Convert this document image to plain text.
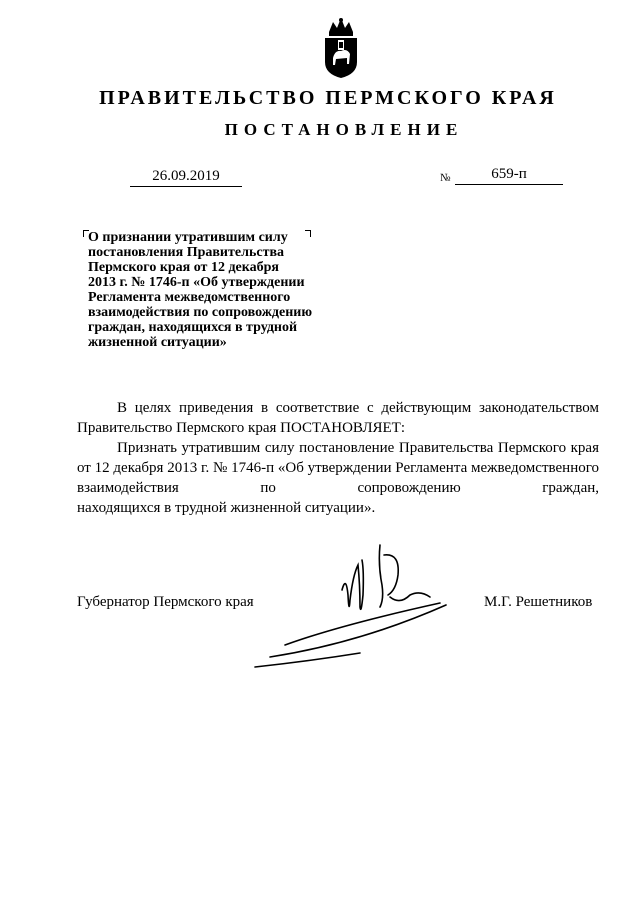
ПРАВИТЕЛЬСТВО ПЕРМСКОГО КРАЯ
ПОСТАНОВЛЕНИЕ
26.09.2019	№	659-п
О признании утратившим силу
постановления Правительства
Пермского края от 12 декабря
2013 г. № 1746-п «Об утверждении
Регламента межведомственного
взаимодействия по сопровождению
граждан, находящихся в трудной
жизненной ситуации»

В целях приведения в соответствие с действующим законодательством

Правительство Пермского края ПОСТАНОВЛЯЕТ:

Признать утратившим силу постановление Правительства Пермского края от 12 декабря 2013 г. № 1746-п «Об утверждении Регламента межведомственного взаимодействия по сопровождению граждан,

находящихся в трудной жизненной ситуации».

Губернатор Пермского края	М.Г. Решетников
